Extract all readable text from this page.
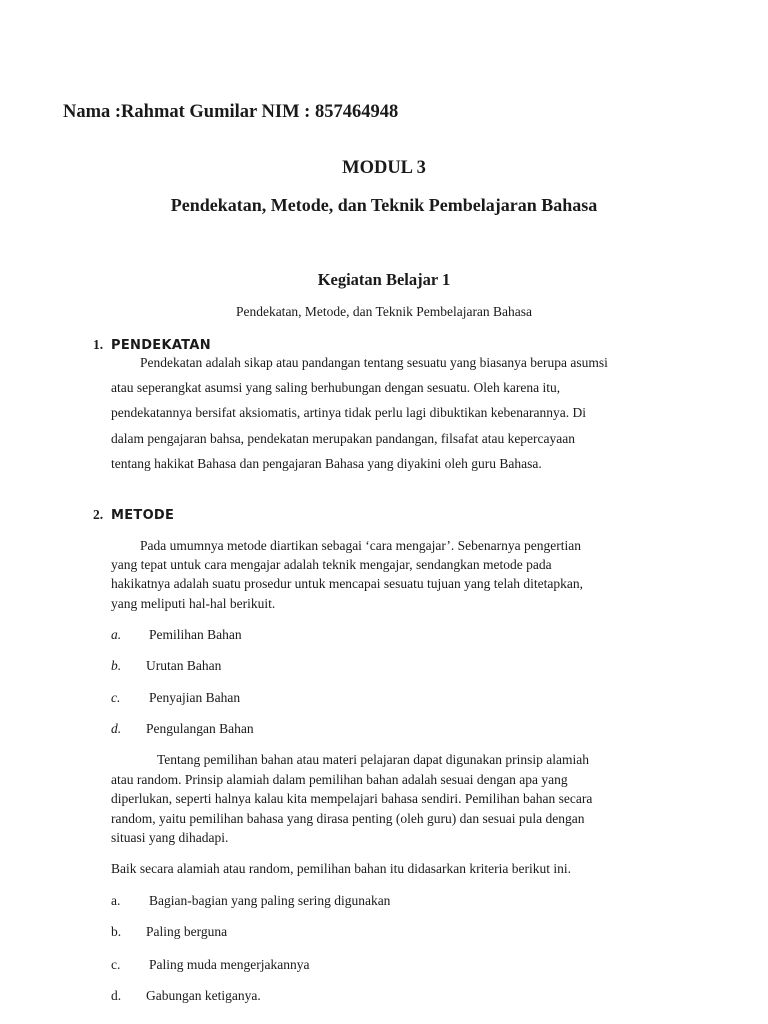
Nama :Rahmat Gumilar NIM : 857464948

MODUL 3

Pendekatan, Metode, dan Teknik Pembelajaran Bahasa

Kegiatan Belajar 1

Pendekatan, Metode, dan Teknik Pembelajaran Bahasa

1. PENDEKATAN

Pendekatan adalah sikap atau pandangan tentang sesuatu yang biasanya berupa asumsi

atau seperangkat asumsi yang saling berhubungan dengan sesuatu. Oleh karena itu,

pendekatannya bersifat aksiomatis, artinya tidak perlu lagi dibuktikan kebenarannya. Di

dalam pengajaran bahsa, pendekatan merupakan pandangan, filsafat atau kepercayaan

tentang hakikat Bahasa dan pengajaran Bahasa yang diyakini oleh guru Bahasa.

2. METODE

Pada umumnya metode diartikan sebagai ‘cara mengajar’. Sebenarnya pengertian

yang tepat untuk cara mengajar adalah teknik mengajar, sendangkan metode pada

hakikatnya adalah suatu prosedur untuk mencapai sesuatu tujuan yang telah ditetapkan,

yang meliputi hal-hal berikuit.

a. Pemilihan Bahan

b. Urutan Bahan

c. Penyajian Bahan

d. Pengulangan Bahan

Tentang pemilihan bahan atau materi pelajaran dapat digunakan prinsip alamiah

atau random. Prinsip alamiah dalam pemilihan bahan adalah sesuai dengan apa yang

diperlukan, seperti halnya kalau kita mempelajari bahasa sendiri. Pemilihan bahan secara

random, yaitu pemilihan bahasa yang dirasa penting (oleh guru) dan sesuai pula dengan

situasi yang dihadapi.

Baik secara alamiah atau random, pemilihan bahan itu didasarkan kriteria berikut ini.

a. Bagian-bagian yang paling sering digunakan

b. Paling berguna

c. Paling muda mengerjakannya

d. Gabungan ketiganya.
